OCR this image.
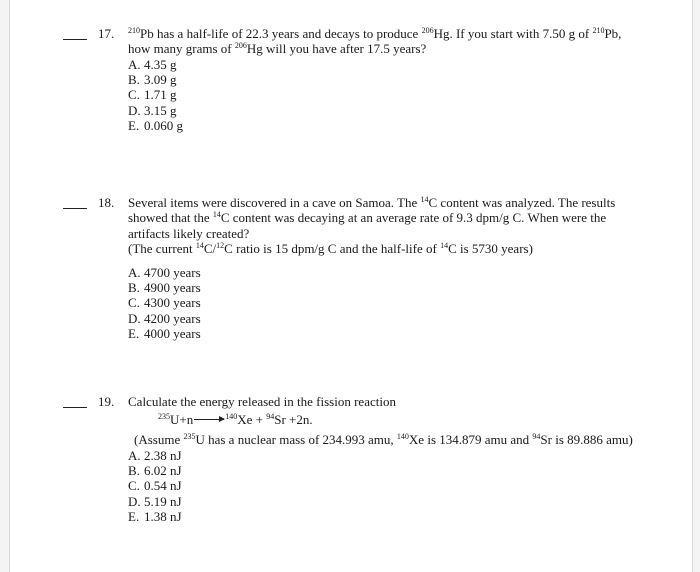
17. $^{210}$Pb has a half-life of 22.3 years and decays to produce $^{206}$Hg. If you start with 7.50 g of $^{210}$Pb,
how many grams of $^{206}$Hg will you have after 17.5 years?
A. 4.35 g
B. 3.09 g
C. 1.71 g
D. 3.15 g
E. 0.060 g
18. Several items were discovered in a cave on Samoa. The $^{14}$C content was analyzed. The results
showed that the $^{14}$C content was decaying at an average rate of 9.3 dpm/g C. When were the
artifacts likely created?
(The current $^{14}$C/$^{12}$C ratio is 15 dpm/g C and the half-life of $^{14}$C is 5730 years)
A. 4700 years
B. 4900 years
C. 4300 years
D. 4200 years
E. 4000 years
19. Calculate the energy released in the fission reaction
$^{235}$U+n→$^{140}$Xe + $^{94}$Sr +2n.
(Assume $^{235}$U has a nuclear mass of 234.993 amu, $^{140}$Xe is 134.879 amu and $^{94}$Sr is 89.886 amu)
A. 2.38 nJ
B. 6.02 nJ
C. 0.54 nJ
D. 5.19 nJ
E. 1.38 nJ
